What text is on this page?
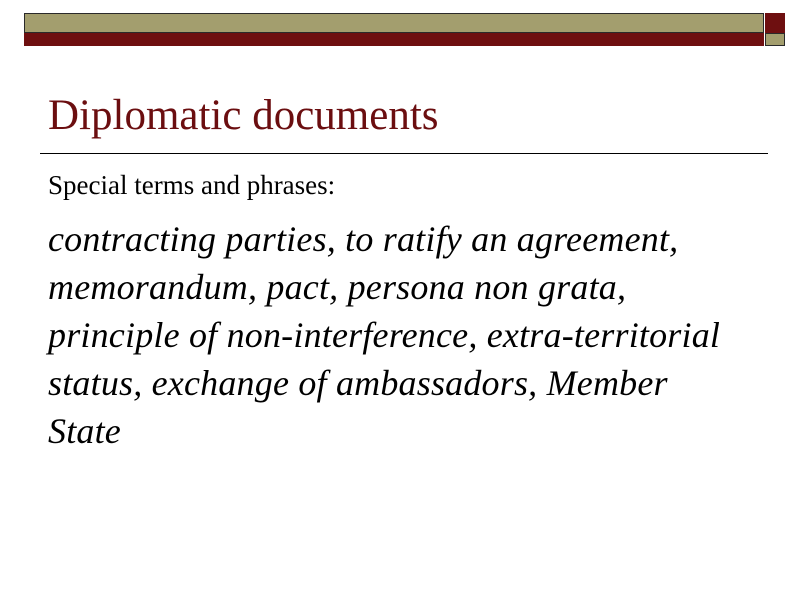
Diplomatic documents

Special terms and phrases:

contracting parties, to ratify an agreement, memorandum, pact, persona non grata, principle of non-interference, extra-territorial status, exchange of ambassadors, Member State
